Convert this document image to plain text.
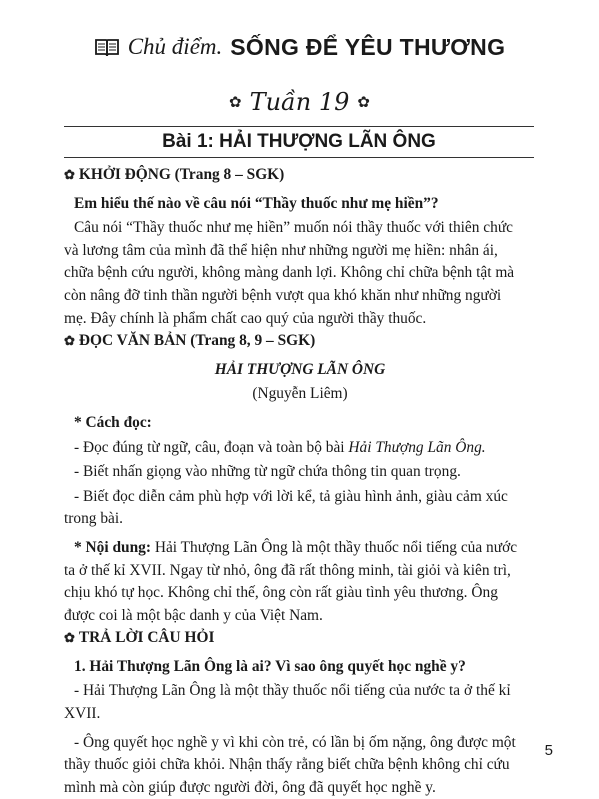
Chủ điểm. SỐNG ĐỂ YÊU THƯƠNG
✿ Tuần 19 ✿
Bài 1: HẢI THƯỢNG LÃN ÔNG
✿ KHỞI ĐỘNG (Trang 8 – SGK)

Em hiểu thế nào về câu nói “Thầy thuốc như mẹ hiền”?

Câu nói “Thầy thuốc như mẹ hiền” muốn nói thầy thuốc với thiên chức

và lương tâm của mình đã thể hiện như những người mẹ hiền: nhân ái,

chữa bệnh cứu người, không màng danh lợi. Không chỉ chữa bệnh tật mà

còn nâng đỡ tinh thần người bệnh vượt qua khó khăn như những người

mẹ. Đây chính là phẩm chất cao quý của người thầy thuốc.

✿ ĐỌC VĂN BẢN (Trang 8, 9 – SGK)

HẢI THƯỢNG LÃN ÔNG

(Nguyễn Liêm)

* Cách đọc:

- Đọc đúng từ ngữ, câu, đoạn và toàn bộ bài Hải Thượng Lãn Ông.

- Biết nhấn giọng vào những từ ngữ chứa thông tin quan trọng.

- Biết đọc diễn cảm phù hợp với lời kể, tả giàu hình ảnh, giàu cảm xúc

trong bài.

* Nội dung: Hải Thượng Lãn Ông là một thầy thuốc nổi tiếng của nước

ta ở thế kỉ XVII. Ngay từ nhỏ, ông đã rất thông minh, tài giỏi và kiên trì,

chịu khó tự học. Không chỉ thế, ông còn rất giàu tình yêu thương. Ông

được coi là một bậc danh y của Việt Nam.

✿ TRẢ LỜI CÂU HỎI

1. Hải Thượng Lãn Ông là ai? Vì sao ông quyết học nghề y?

- Hải Thượng Lãn Ông là một thầy thuốc nổi tiếng của nước ta ở thế kỉ

XVII.

- Ông quyết học nghề y vì khi còn trẻ, có lần bị ốm nặng, ông được một

thầy thuốc giỏi chữa khỏi. Nhận thấy rằng biết chữa bệnh không chỉ cứu

mình mà còn giúp được người đời, ông đã quyết học nghề y.

5
